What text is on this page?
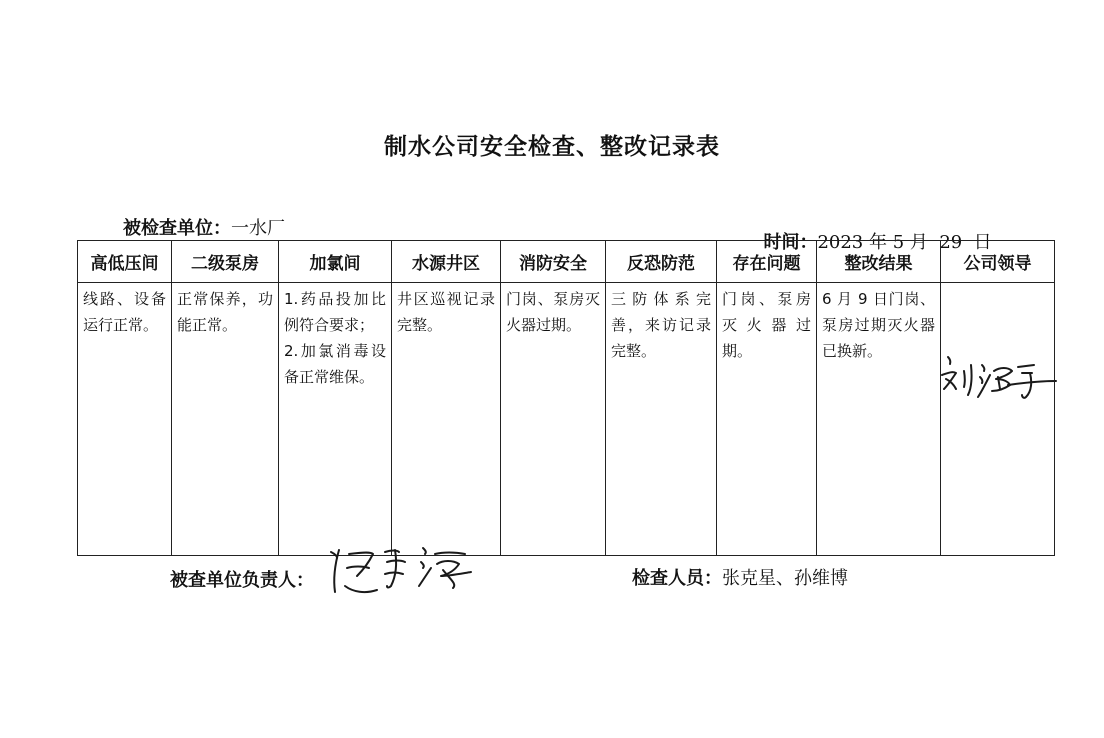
制水公司安全检查、整改记录表
被检查单位：一水厂

时间：2023 年 5 月  29  日

高低压间	二级泵房	加氯间	水源井区	消防安全	反恐防范	存在问题	整改结果	公司领导
线路、设备运行正常。	正常保养，功能正常。	1.药品投加比例符合要求；
2.加氯消毒设备正常维保。	井区巡视记录完整。	门岗、泵房灭火器过期。	三防体系完善，来访记录完整。	门岗、泵房灭火器过期。	6 月 9 日门岗、泵房过期灭火器已换新。	
被查单位负责人：	检查人员：张克星、孙维博
